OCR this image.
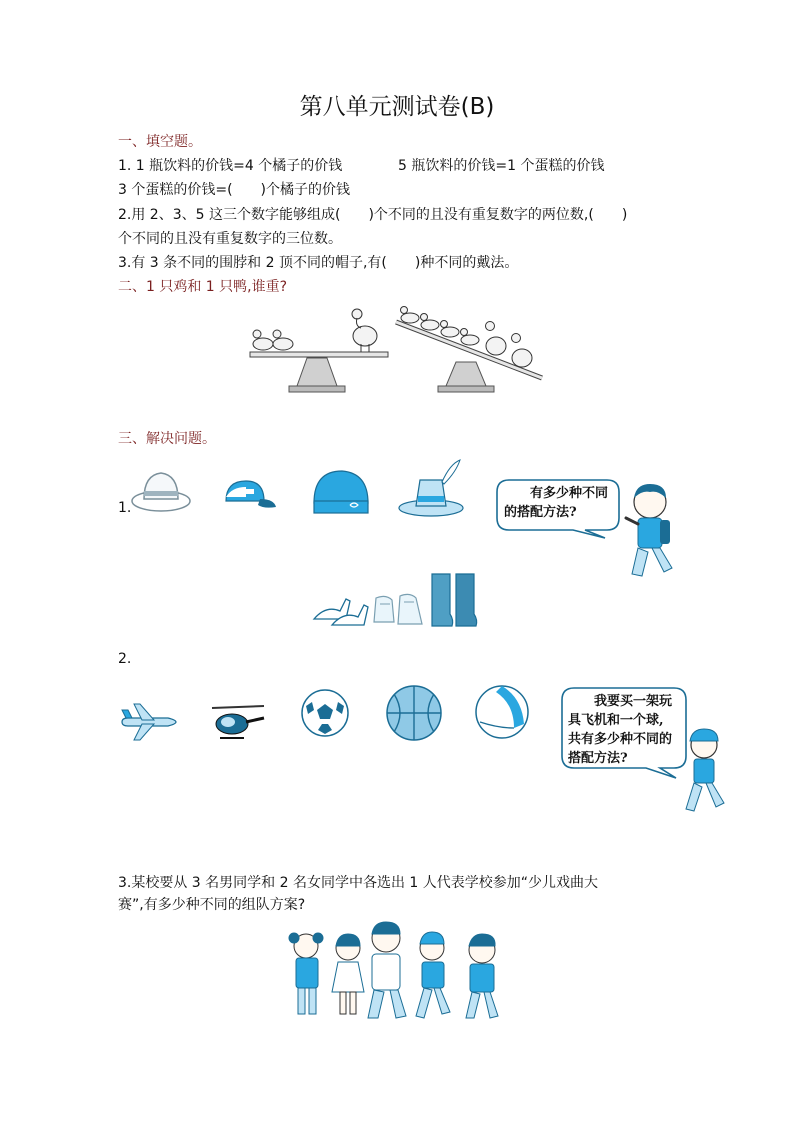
第八单元测试卷(B)
一、填空题。
1. 1 瓶饮料的价钱=4 个橘子的价钱	5 瓶饮料的价钱=1 个蛋糕的价钱
3 个蛋糕的价钱=(　　)个橘子的价钱
2.用 2、3、5 这三个数字能够组成(　　)个不同的且没有重复数字的两位数,(　　)
个不同的且没有重复数字的三位数。
3.有 3 条不同的围脖和 2 顶不同的帽子,有(　　)种不同的戴法。
二、1 只鸡和 1 只鸭,谁重?
三、解决问题。
1.
有多少种不同
的搭配方法?
2.
我要买一架玩
具飞机和一个球,
共有多少种不同的
搭配方法?
3.某校要从 3 名男同学和 2 名女同学中各选出 1 人代表学校参加“少儿戏曲大
赛”,有多少种不同的组队方案?
